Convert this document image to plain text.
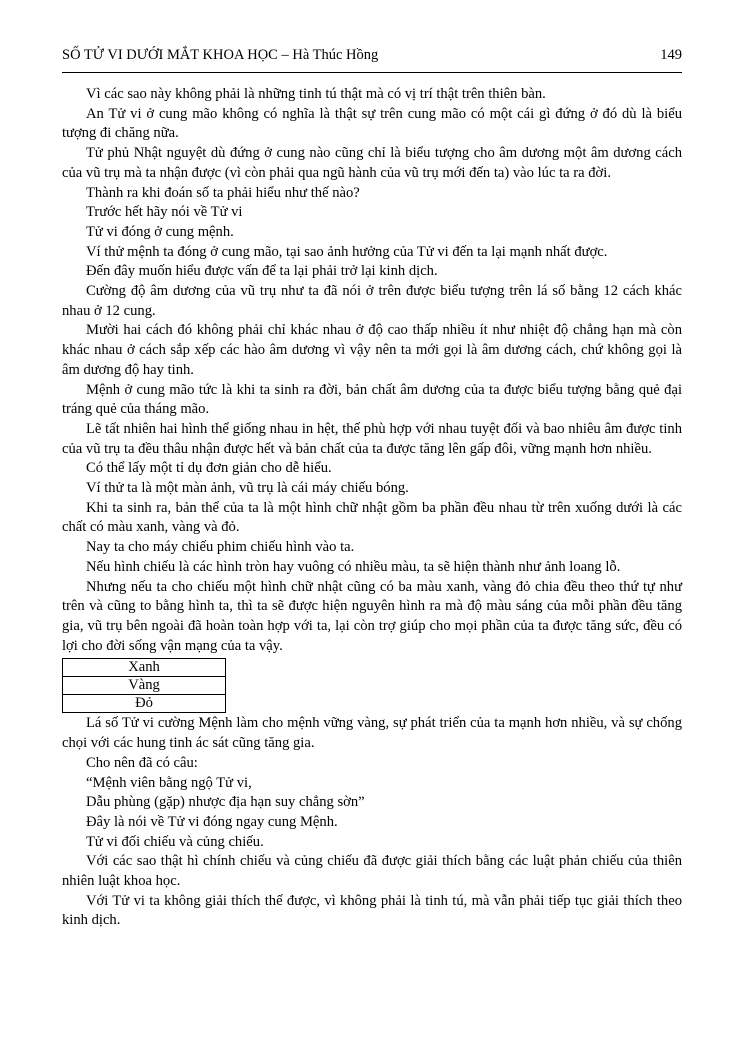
SỐ TỬ VI DƯỚI MẮT KHOA HỌC – Hà Thúc Hồng	149

Vì các sao này không phải là những tinh tú thật mà có vị trí thật trên thiên bàn.

An Tử vi ở cung mão không có nghĩa là thật sự trên cung mão có một cái gì đứng ở đó dù là biểu tượng đi chăng nữa.

Tử phủ Nhật nguyệt dù đứng ở cung nào cũng chỉ là biểu tượng cho âm dương một âm dương cách của vũ trụ mà ta nhận được (vì còn phải qua ngũ hành của vũ trụ mới đến ta) vào lúc ta ra đời.

Thành ra khi đoán số ta phải hiểu như thế nào?

Trước hết hãy nói về Tử vi

Tử vi đóng ở cung mệnh.

Ví thử mệnh ta đóng ở cung mão, tại sao ảnh hưởng của Tử vi đến ta lại mạnh nhất được.

Đến đây muốn hiểu được vấn để ta lại phải trở lại kinh dịch.

Cường độ âm dương của vũ trụ như ta đã nói ở trên được biểu tượng trên lá số bằng 12 cách khác nhau ở 12 cung.

Mười hai cách đó không phải chỉ khác nhau ở độ cao thấp nhiều ít như nhiệt độ chẳng hạn mà còn khác nhau ở cách sắp xếp các hào âm dương vì vậy nên ta mới gọi là âm dương cách, chứ không gọi là âm dương độ hay tinh.

Mệnh ở cung mão tức là khi ta sinh ra đời, bản chất âm dương của ta được biểu tượng bằng quẻ đại tráng quẻ của tháng mão.

Lẽ tất nhiên hai hình thể giống nhau in hệt, thế phù hợp với nhau tuyệt đối và bao nhiêu âm được tinh của vũ trụ ta đều thâu nhận được hết và bản chất của ta được tăng lên gấp đôi, vững mạnh hơn nhiều.

Có thể lấy một tỉ dụ đơn giản cho dễ hiểu.

Ví thử ta là một màn ảnh, vũ trụ là cái máy chiếu bóng.

Khi ta sinh ra, bản thể của ta là một hình chữ nhật gồm ba phần đều nhau từ trên xuống dưới là các chất có màu xanh, vàng và đỏ.

Nay ta cho máy chiếu phim chiếu hình vào ta.

Nếu hình chiếu là các hình tròn hay vuông có nhiều màu, ta sẽ hiện thành như ảnh loang lỗ.

Nhưng nếu ta cho chiếu một hình chữ nhật cũng có ba màu xanh, vàng đỏ chia đều theo thứ tự như trên và cũng to bằng hình ta, thì ta sẽ được hiện nguyên hình ra mà độ màu sáng của mỗi phần đều tăng gia, vũ trụ bên ngoài đã hoàn toàn hợp với ta, lại còn trợ giúp cho mọi phần của ta được tăng sức, đều có lợi cho đời sống vận mạng của ta vậy.

Xanh
Vàng
Đỏ

Lá số Tử vi cường Mệnh làm cho mệnh vững vàng, sự phát triển của ta mạnh hơn nhiều, và sự chống chọi với các hung tinh ác sát cũng tăng gia.

Cho nên đã có câu:

“Mệnh viên bằng ngộ Tử vi,

Dẫu phùng (gặp) nhược địa hạn suy chẳng sờn”

Đây là nói về Tử vi đóng ngay cung Mệnh.

Tử vi đối chiếu và củng chiếu.

Với các sao thật hì chính chiếu và củng chiếu đã được giải thích bằng các luật phản chiếu của thiên nhiên luật khoa học.

Với Tử vi ta không giải thích thế được, vì không phải là tinh tú, mà vẫn phải tiếp tục giải thích theo kinh dịch.
